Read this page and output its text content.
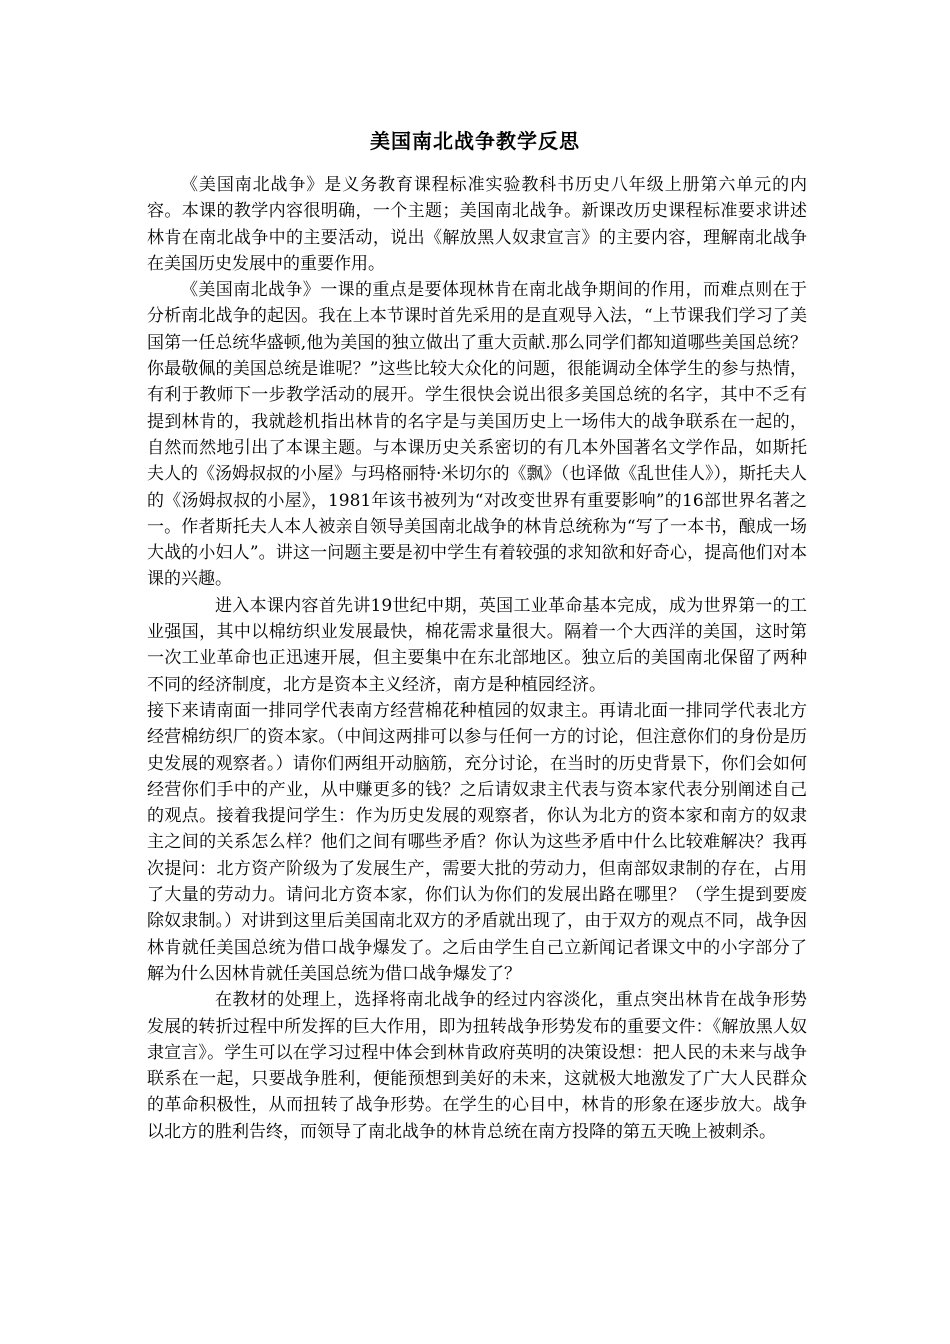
美国南北战争教学反思

《美国南北战争》是义务教育课程标准实验教科书历史八年级上册第六单元的内容。本课的教学内容很明确，一个主题；美国南北战争。新课改历史课程标准要求讲述林肯在南北战争中的主要活动，说出《解放黑人奴隶宣言》的主要内容，理解南北战争在美国历史发展中的重要作用。

《美国南北战争》一课的重点是要体现林肯在南北战争期间的作用，而难点则在于分析南北战争的起因。我在上本节课时首先采用的是直观导入法，“上节课我们学习了美国第一任总统华盛顿,他为美国的独立做出了重大贡献.那么同学们都知道哪些美国总统？你最敬佩的美国总统是谁呢？”这些比较大众化的问题，很能调动全体学生的参与热情，有利于教师下一步教学活动的展开。学生很快会说出很多美国总统的名字，其中不乏有提到林肯的，我就趁机指出林肯的名字是与美国历史上一场伟大的战争联系在一起的，自然而然地引出了本课主题。与本课历史关系密切的有几本外国著名文学作品，如斯托夫人的《汤姆叔叔的小屋》与玛格丽特·米切尔的《飘》（也译做《乱世佳人》），斯托夫人的《汤姆叔叔的小屋》，1981年该书被列为“对改变世界有重要影响”的16部世界名著之一。作者斯托夫人本人被亲自领导美国南北战争的林肯总统称为“写了一本书，酿成一场大战的小妇人”。讲这一问题主要是初中学生有着较强的求知欲和好奇心，提高他们对本课的兴趣。

进入本课内容首先讲19世纪中期，英国工业革命基本完成，成为世界第一的工业强国，其中以棉纺织业发展最快，棉花需求量很大。隔着一个大西洋的美国，这时第一次工业革命也正迅速开展，但主要集中在东北部地区。独立后的美国南北保留了两种不同的经济制度，北方是资本主义经济，南方是种植园经济。

接下来请南面一排同学代表南方经营棉花种植园的奴隶主。再请北面一排同学代表北方经营棉纺织厂的资本家。（中间这两排可以参与任何一方的讨论，但注意你们的身份是历史发展的观察者。）请你们两组开动脑筋，充分讨论，在当时的历史背景下，你们会如何经营你们手中的产业，从中赚更多的钱？之后请奴隶主代表与资本家代表分别阐述自己的观点。接着我提问学生：作为历史发展的观察者，你认为北方的资本家和南方的奴隶主之间的关系怎么样？他们之间有哪些矛盾？你认为这些矛盾中什么比较难解决？我再次提问：北方资产阶级为了发展生产，需要大批的劳动力，但南部奴隶制的存在，占用了大量的劳动力。请问北方资本家，你们认为你们的发展出路在哪里？（学生提到要废除奴隶制。）对讲到这里后美国南北双方的矛盾就出现了，由于双方的观点不同，战争因林肯就任美国总统为借口战争爆发了。之后由学生自己立新闻记者课文中的小字部分了解为什么因林肯就任美国总统为借口战争爆发了？

在教材的处理上，选择将南北战争的经过内容淡化，重点突出林肯在战争形势发展的转折过程中所发挥的巨大作用，即为扭转战争形势发布的重要文件：《解放黑人奴隶宣言》。学生可以在学习过程中体会到林肯政府英明的决策设想：把人民的未来与战争联系在一起，只要战争胜利，便能预想到美好的未来，这就极大地激发了广大人民群众的革命积极性，从而扭转了战争形势。在学生的心目中，林肯的形象在逐步放大。战争以北方的胜利告终，而领导了南北战争的林肯总统在南方投降的第五天晚上被刺杀。
